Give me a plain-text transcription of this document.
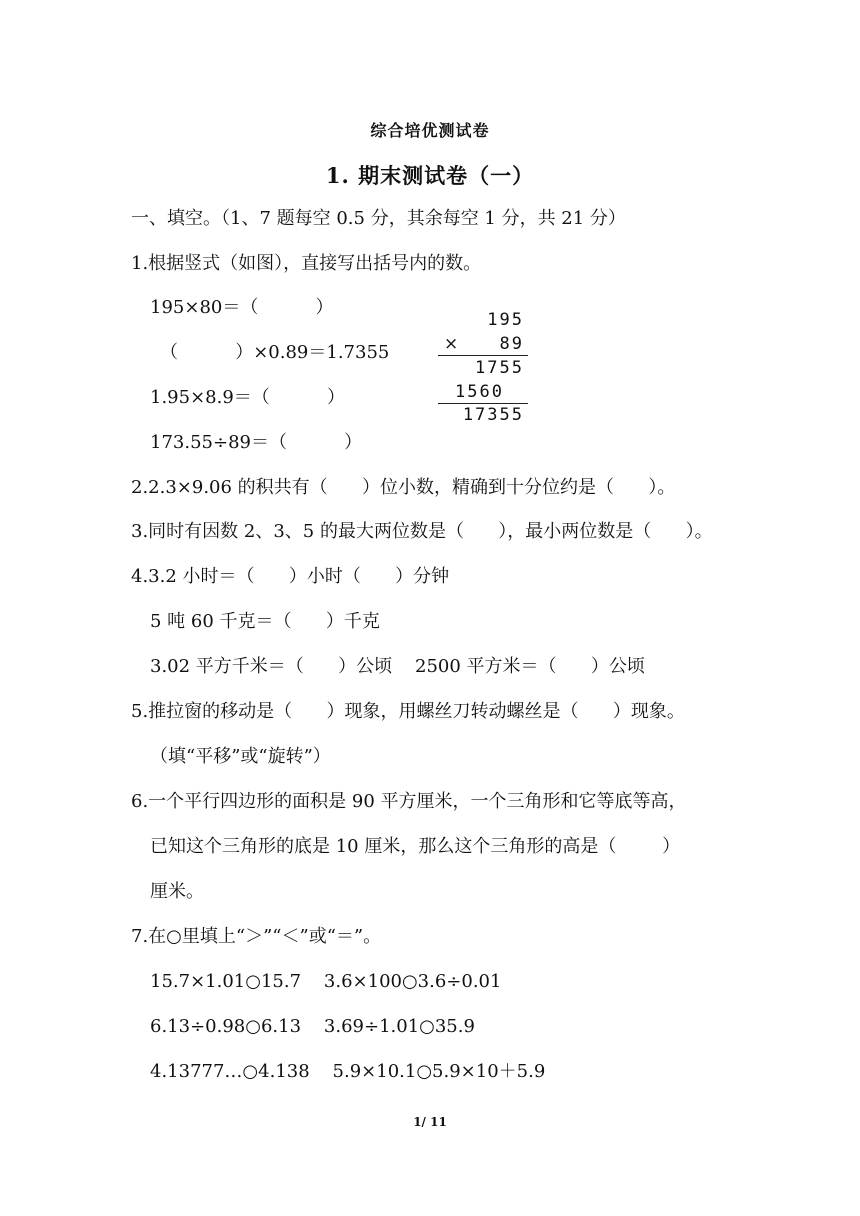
综合培优测试卷
1. 期末测试卷（一）
一、填空。（1、7 题每空 0.5 分，其余每空 1 分，共 21 分）
1.根据竖式（如图），直接写出括号内的数。
195×80＝（          ）
（          ）×0.89＝1.7355
1.95×8.9＝（          ）
173.55÷89＝（          ）
195
× 89
1755
1560
17355
2.2.3×9.06 的积共有（      ）位小数，精确到十分位约是（      ）。
3.同时有因数 2、3、5 的最大两位数是（      ），最小两位数是（      ）。
4.3.2 小时＝（      ）小时（      ）分钟
5 吨 60 千克＝（      ）千克
3.02 平方千米＝（      ）公顷    2500 平方米＝（      ）公顷
5.推拉窗的移动是（      ）现象，用螺丝刀转动螺丝是（      ）现象。
（填“平移”或“旋转”）
6.一个平行四边形的面积是 90 平方厘米，一个三角形和它等底等高，
已知这个三角形的底是 10 厘米，那么这个三角形的高是（        ）
厘米。
7.在○里填上“＞”“＜”或“＝”。
15.7×1.01○15.7    3.6×100○3.6÷0.01
6.13÷0.98○6.13    3.69÷1.01○35.9
4.13777…○4.138    5.9×10.1○5.9×10＋5.9
1/ 11
